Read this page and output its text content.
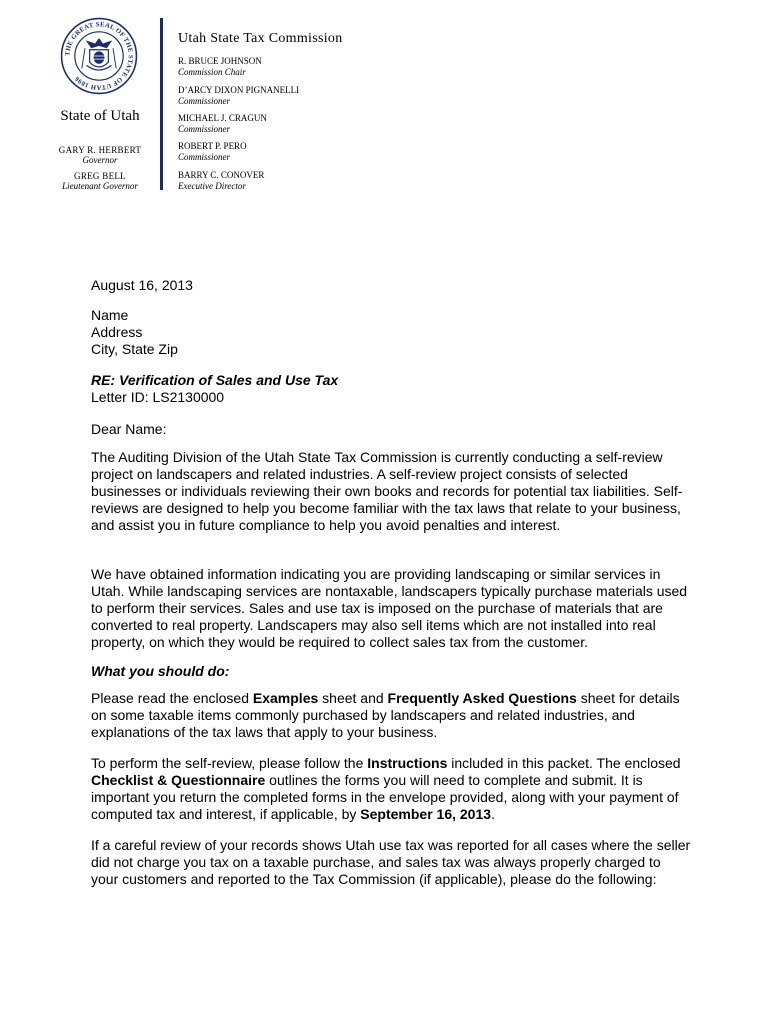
THE GREAT SEAL OF THE STATE OF UTAH 1896
State of Utah
GARY R. HERBERT
Governor
GREG BELL
Lieutenant Governor
Utah State Tax Commission
R. BRUCE JOHNSON
Commission Chair
D’ARCY DIXON PIGNANELLI
Commissioner
MICHAEL J. CRAGUN
Commissioner
ROBERT P. PERO
Commissioner
BARRY C. CONOVER
Executive Director
August 16, 2013

Name

Address

City, State Zip

RE: Verification of Sales and Use Tax

Letter ID: LS2130000

Dear Name:
The Auditing Division of the Utah State Tax Commission is currently conducting a self-review project on landscapers and related industries. A self-review project consists of selected businesses or individuals reviewing their own books and records for potential tax liabilities. Self-reviews are designed to help you become familiar with the tax laws that relate to your business, and assist you in future compliance to help you avoid penalties and interest.
We have obtained information indicating you are providing landscaping or similar services in Utah. While landscaping services are nontaxable, landscapers typically purchase materials used to perform their services. Sales and use tax is imposed on the purchase of materials that are converted to real property. Landscapers may also sell items which are not installed into real property, on which they would be required to collect sales tax from the customer.
What you should do:
Please read the enclosed Examples sheet and Frequently Asked Questions sheet for details on some taxable items commonly purchased by landscapers and related industries, and explanations of the tax laws that apply to your business.
To perform the self-review, please follow the Instructions included in this packet. The enclosed Checklist & Questionnaire outlines the forms you will need to complete and submit. It is important you return the completed forms in the envelope provided, along with your payment of computed tax and interest, if applicable, by September 16, 2013.
If a careful review of your records shows Utah use tax was reported for all cases where the seller did not charge you tax on a taxable purchase, and sales tax was always properly charged to your customers and reported to the Tax Commission (if applicable), please do the following:
